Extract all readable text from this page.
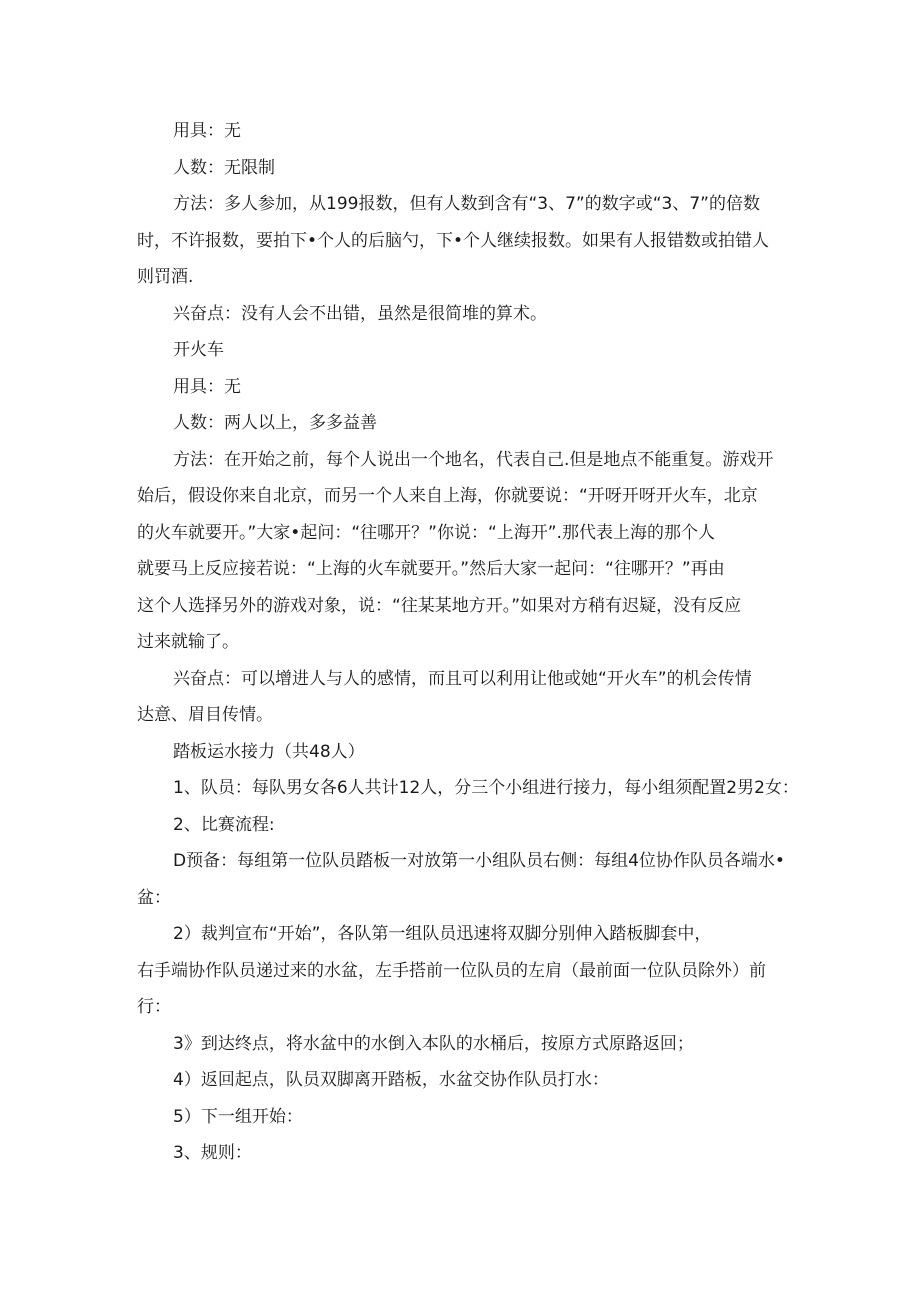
用具：无
人数：无限制
方法：多人参加，从199报数，但有人数到含有“3、7”的数字或“3、7”的倍数
时，不许报数，要拍下•个人的后脑勺，下•个人继续报数。如果有人报错数或拍错人
则罚酒.
兴奋点：没有人会不出错，虽然是很简堆的算术。
开火车
用具：无
人数：两人以上，多多益善
方法：在开始之前，每个人说出一个地名，代表自己.但是地点不能重复。游戏开
始后，假设你来自北京，而另一个人来自上海，你就要说：“开呀开呀开火车，北京
的火车就要开。”大家•起问：“往哪开？”你说：“上海开”.那代表上海的那个人
就要马上反应接若说：“上海的火车就要开。”然后大家一起问：“往哪开？”再由
这个人选择另外的游戏对象，说：“往某某地方开。”如果对方稍有迟疑，没有反应
过来就输了。
兴奋点：可以增进人与人的感情，而且可以利用让他或她“开火车”的机会传情
达意、眉目传情。
踏板运水接力（共48人）
1、队员：每队男女各6人共计12人，分三个小组进行接力，每小组须配置2男2女：
2、比赛流程:
D预备：每组第一位队员踏板一对放第一小组队员右侧：每组4位协作队员各端水•
盆：
2）裁判宣布“开始”，各队第一组队员迅速将双脚分别伸入踏板脚套中，
右手端协作队员递过来的水盆，左手搭前一位队员的左肩（最前面一位队员除外）前
行：
3》到达终点，将水盆中的水倒入本队的水桶后，按原方式原路返回；
4）返回起点，队员双脚离开踏板，水盆交协作队员打水：
5）下一组开始：
3、规则：
